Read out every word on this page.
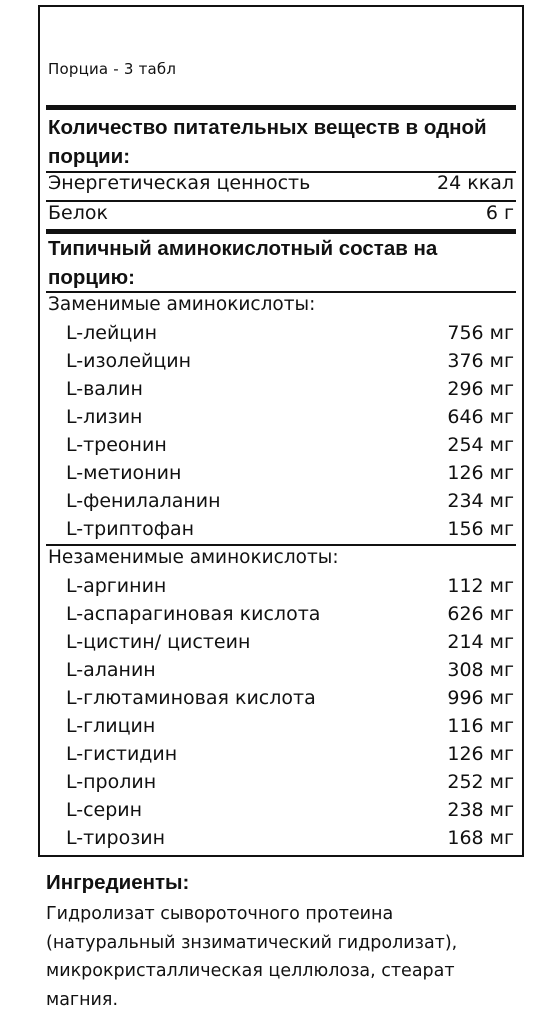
Порциа - 3 табл
Количество питательных веществ в одной порции:
Энергетическая ценность	24 ккал
Белок	6 г
Типичный аминокислотный состав на порцию:
Заменимые аминокислоты:
L-лейцин	756 мг
L-изолейцин	376 мг
L-валин	296 мг
L-лизин	646 мг
L-треонин	254 мг
L-метионин	126 мг
L-фенилаланин	234 мг
L-триптофан	156 мг
Незаменимые аминокислоты:
L-аргинин	112 мг
L-аспарагиновая кислота	626 мг
L-цистин/ цистеин	214 мг
L-аланин	308 мг
L-глютаминовая кислота	996 мг
L-глицин	116 мг
L-гистидин	126 мг
L-пролин	252 мг
L-серин	238 мг
L-тирозин	168 мг
Ингредиенты:
Гидролизат сывороточного протеина
(натуральный знзиматический гидролизат),
микрокристаллическая целлюлоза, стеарат
магния.
